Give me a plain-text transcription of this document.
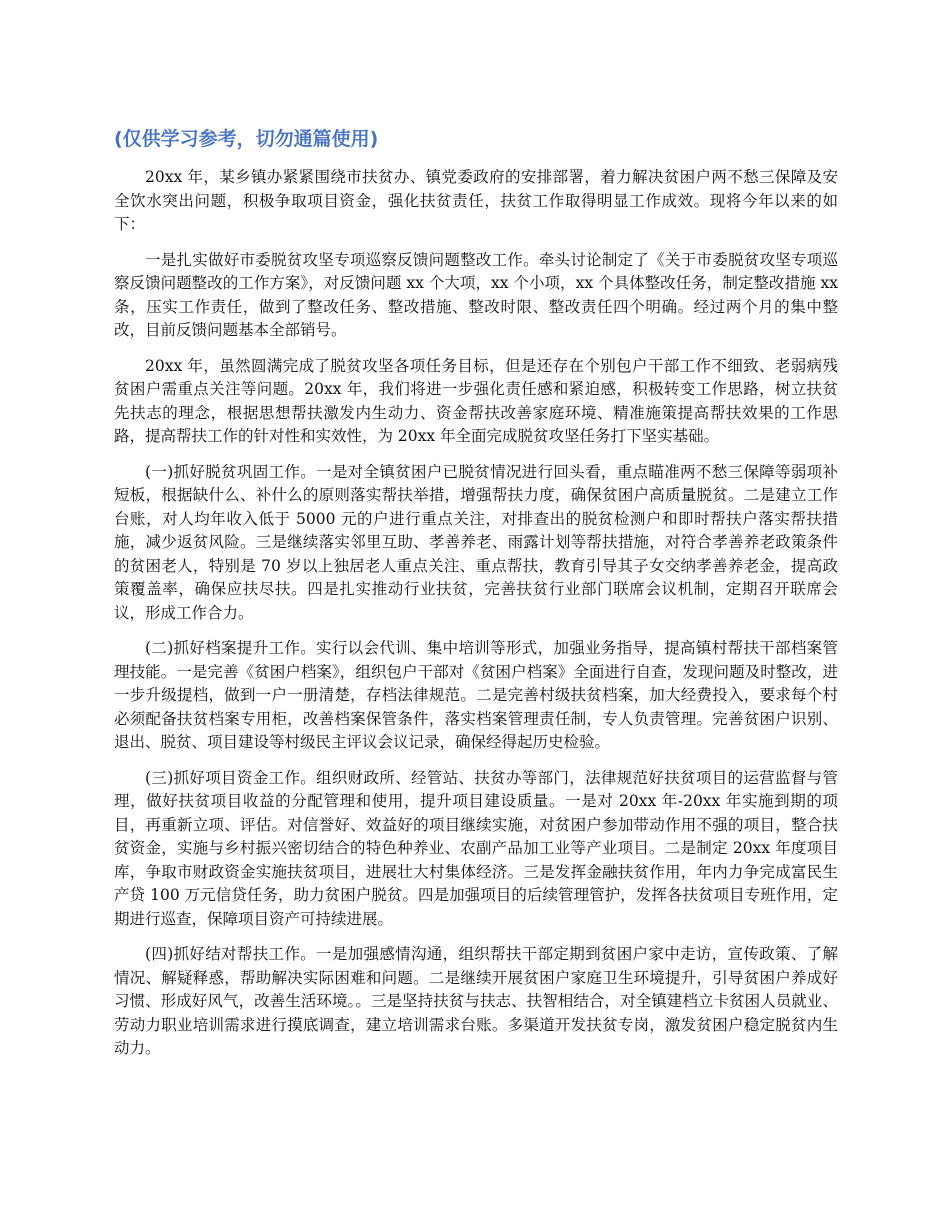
(仅供学习参考，切勿通篇使用)

20xx 年，某乡镇办紧紧围绕市扶贫办、镇党委政府的安排部署，着力解决贫困户两不愁三保障及安全饮水突出问题，积极争取项目资金，强化扶贫责任，扶贫工作取得明显工作成效。现将今年以来的如下：

一是扎实做好市委脱贫攻坚专项巡察反馈问题整改工作。牵头讨论制定了《关于市委脱贫攻坚专项巡察反馈问题整改的工作方案》，对反馈问题 xx 个大项，xx 个小项，xx 个具体整改任务，制定整改措施 xx 条，压实工作责任，做到了整改任务、整改措施、整改时限、整改责任四个明确。经过两个月的集中整改，目前反馈问题基本全部销号。

20xx 年，虽然圆满完成了脱贫攻坚各项任务目标，但是还存在个别包户干部工作不细致、老弱病残贫困户需重点关注等问题。20xx 年，我们将进一步强化责任感和紧迫感，积极转变工作思路，树立扶贫先扶志的理念，根据思想帮扶激发内生动力、资金帮扶改善家庭环境、精准施策提高帮扶效果的工作思路，提高帮扶工作的针对性和实效性，为 20xx 年全面完成脱贫攻坚任务打下坚实基础。

(一)抓好脱贫巩固工作。一是对全镇贫困户已脱贫情况进行回头看，重点瞄准两不愁三保障等弱项补短板，根据缺什么、补什么的原则落实帮扶举措，增强帮扶力度，确保贫困户高质量脱贫。二是建立工作台账，对人均年收入低于 5000 元的户进行重点关注，对排查出的脱贫检测户和即时帮扶户落实帮扶措施，减少返贫风险。三是继续落实邻里互助、孝善养老、雨露计划等帮扶措施，对符合孝善养老政策条件的贫困老人，特别是 70 岁以上独居老人重点关注、重点帮扶，教育引导其子女交纳孝善养老金，提高政策覆盖率，确保应扶尽扶。四是扎实推动行业扶贫，完善扶贫行业部门联席会议机制，定期召开联席会议，形成工作合力。

(二)抓好档案提升工作。实行以会代训、集中培训等形式，加强业务指导，提高镇村帮扶干部档案管理技能。一是完善《贫困户档案》，组织包户干部对《贫困户档案》全面进行自查，发现问题及时整改，进一步升级提档，做到一户一册清楚，存档法律规范。二是完善村级扶贫档案，加大经费投入，要求每个村必须配备扶贫档案专用柜，改善档案保管条件，落实档案管理责任制，专人负责管理。完善贫困户识别、退出、脱贫、项目建设等村级民主评议会议记录，确保经得起历史检验。

(三)抓好项目资金工作。组织财政所、经管站、扶贫办等部门，法律规范好扶贫项目的运营监督与管理，做好扶贫项目收益的分配管理和使用，提升项目建设质量。一是对 20xx 年-20xx 年实施到期的项目，再重新立项、评估。对信誉好、效益好的项目继续实施，对贫困户参加带动作用不强的项目，整合扶贫资金，实施与乡村振兴密切结合的特色种养业、农副产品加工业等产业项目。二是制定 20xx 年度项目库，争取市财政资金实施扶贫项目，进展壮大村集体经济。三是发挥金融扶贫作用，年内力争完成富民生产贷 100 万元信贷任务，助力贫困户脱贫。四是加强项目的后续管理管护，发挥各扶贫项目专班作用，定期进行巡查，保障项目资产可持续进展。

(四)抓好结对帮扶工作。一是加强感情沟通，组织帮扶干部定期到贫困户家中走访，宣传政策、了解情况、解疑释惑，帮助解决实际困难和问题。二是继续开展贫困户家庭卫生环境提升，引导贫困户养成好习惯、形成好风气，改善生活环境。。三是坚持扶贫与扶志、扶智相结合，对全镇建档立卡贫困人员就业、劳动力职业培训需求进行摸底调查，建立培训需求台账。多渠道开发扶贫专岗，激发贫困户稳定脱贫内生动力。
